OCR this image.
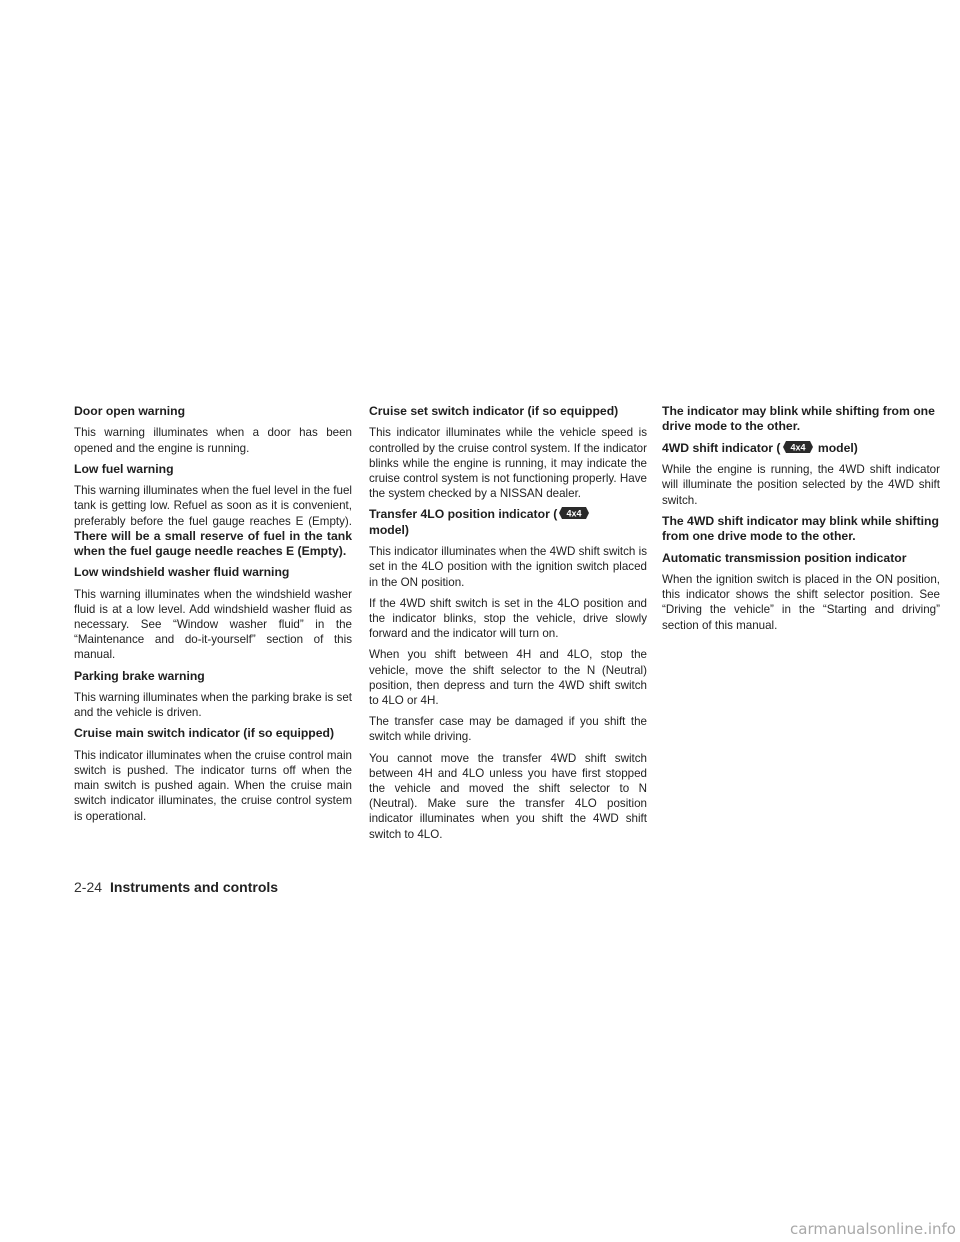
Door open warning
This warning illuminates when a door has been opened and the engine is running.
Low fuel warning
This warning illuminates when the fuel level in the fuel tank is getting low. Refuel as soon as it is convenient, preferably before the fuel gauge reaches E (Empty). There will be a small reserve of fuel in the tank when the fuel gauge needle reaches E (Empty).
Low windshield washer fluid warning
This warning illuminates when the windshield washer fluid is at a low level. Add windshield washer fluid as necessary. See “Window washer fluid” in the “Maintenance and do-it-yourself” section of this manual.
Parking brake warning
This warning illuminates when the parking brake is set and the vehicle is driven.
Cruise main switch indicator (if so equipped)
This indicator illuminates when the cruise control main switch is pushed. The indicator turns off when the main switch is pushed again. When the cruise main switch indicator illuminates, the cruise control system is operational.
Cruise set switch indicator (if so equipped)
This indicator illuminates while the vehicle speed is controlled by the cruise control system. If the indicator blinks while the engine is running, it may indicate the cruise control system is not functioning properly. Have the system checked by a NISSAN dealer.
Transfer 4LO position indicator ( 4x4

model)
This indicator illuminates when the 4WD shift switch is set in the 4LO position with the ignition switch placed in the ON position.
If the 4WD shift switch is set in the 4LO position and the indicator blinks, stop the vehicle, drive slowly forward and the indicator will turn on.
When you shift between 4H and 4LO, stop the vehicle, move the shift selector to the N (Neutral) position, then depress and turn the 4WD shift switch to 4LO or 4H.
The transfer case may be damaged if you shift the switch while driving.
You cannot move the transfer 4WD shift switch between 4H and 4LO unless you have first stopped the vehicle and moved the shift selector to N (Neutral). Make sure the transfer 4LO position indicator illuminates when you shift the 4WD shift switch to 4LO.
The indicator may blink while shifting from one drive mode to the other.
4WD shift indicator ( 4x4 model)
While the engine is running, the 4WD shift indicator will illuminate the position selected by the 4WD shift switch.
The 4WD shift indicator may blink while shifting from one drive mode to the other.
Automatic transmission position indicator
When the ignition switch is placed in the ON position, this indicator shows the shift selector position. See “Driving the vehicle” in the “Starting and driving” section of this manual.
2-24 Instruments and controls
carmanualsonline.info
